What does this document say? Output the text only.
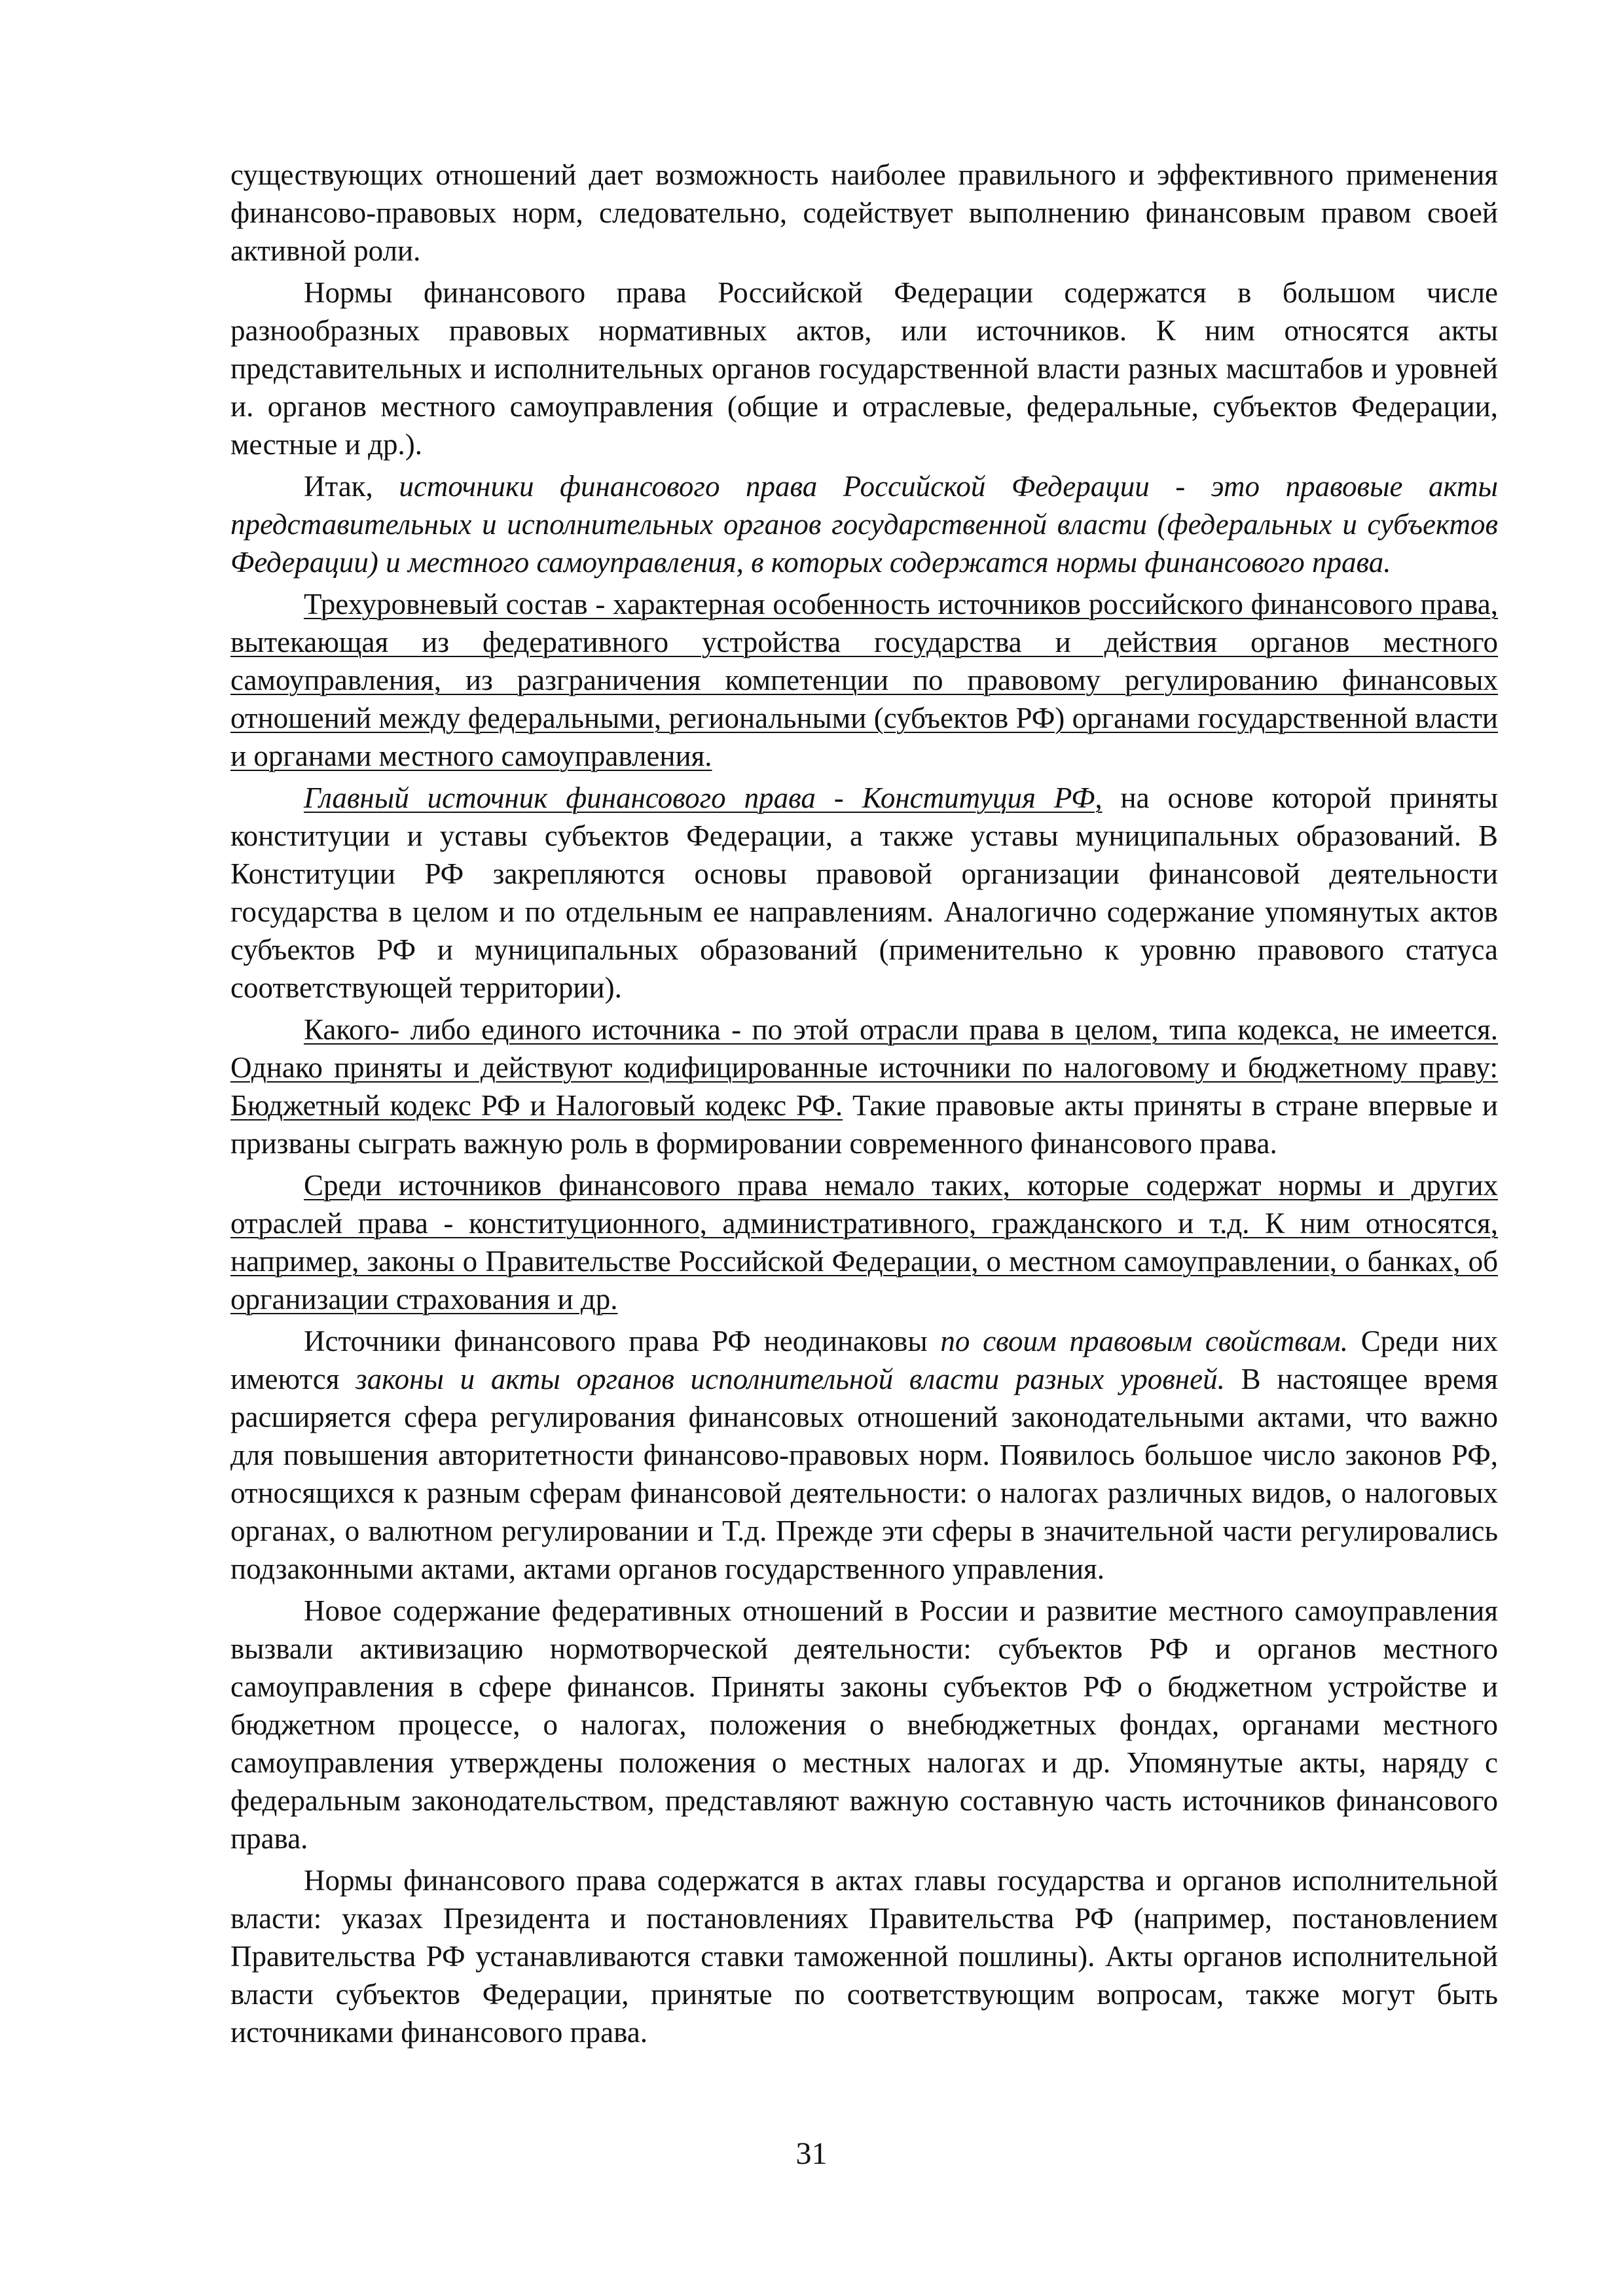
существующих отношений дает возможность наиболее правильного и эффективного применения финансово-правовых норм, следовательно, содействует выполнению финансовым правом своей активной роли.

Нормы финансового права Российской Федерации содержатся в большом числе разнообразных правовых нормативных актов, или источников. К ним относятся акты представительных и исполнительных органов государственной власти разных масштабов и уровней и. органов местного самоуправления (общие и отраслевые, федеральные, субъектов Федерации, местные и др.).

Итак, источники финансового права Российской Федерации - это правовые акты представительных и исполнительных органов государственной власти (федеральных и субъектов Федерации) и местного самоуправления, в которых содержатся нормы финансового права.

Трехуровневый состав - характерная особенность источников российского финансового права, вытекающая из федеративного устройства государства и действия органов местного самоуправления, из разграничения компетенции по правовому регулированию финансовых отношений между федеральными, региональными (субъектов РФ) органами государственной власти и органами местного самоуправления.

Главный источник финансового права - Конституция РФ, на основе которой приняты конституции и уставы субъектов Федерации, а также уставы муниципальных образований. В Конституции РФ закрепляются основы правовой организации финансовой деятельности государства в целом и по отдельным ее направлениям. Аналогично содержание упомянутых актов субъектов РФ и муниципальных образований (применительно к уровню правового статуса соответствующей территории).

Какого- либо единого источника - по этой отрасли права в целом, типа кодекса, не имеется. Однако приняты и действуют кодифицированные источники по налоговому и бюджетному праву: Бюджетный кодекс РФ и Налоговый кодекс РФ. Такие правовые акты приняты в стране впервые и призваны сыграть важную роль в формировании современного финансового права.

Среди источников финансового права немало таких, которые содержат нормы и других отраслей права - конституционного, административного, гражданского и т.д. К ним относятся, например, законы о Правительстве Российской Федерации, о местном самоуправлении, о банках, об организации страхования и др.

Источники финансового права РФ неодинаковы по своим правовым свойствам. Среди них имеются законы и акты органов исполнительной власти разных уровней. В настоящее время расширяется сфера регулирования финансовых отношений законодательными актами, что важно для повышения авторитетности финансово-правовых норм. Появилось большое число законов РФ, относящихся к разным сферам финансовой деятельности: о налогах различных видов, о налоговых органах, о валютном регулировании и Т.д. Прежде эти сферы в значительной части регулировались подзаконными актами, актами органов государственного управления.

Новое содержание федеративных отношений в России и развитие местного самоуправления вызвали активизацию нормотворческой деятельности: субъектов РФ и органов местного самоуправления в сфере финансов. Приняты законы субъектов РФ о бюджетном устройстве и бюджетном процессе, о налогах, положения о внебюджетных фондах, органами местного самоуправления утверждены положения о местных налогах и др. Упомянутые акты, наряду с федеральным законодательством, представляют важную составную часть источников финансового права.

Нормы финансового права содержатся в актах главы государства и органов исполнительной власти: указах Президента и постановлениях Правительства РФ (например, постановлением Правительства РФ устанавливаются ставки таможенной пошлины). Акты органов исполнительной власти субъектов Федерации, принятые по соответствующим вопросам, также могут быть источниками финансового права.

31
